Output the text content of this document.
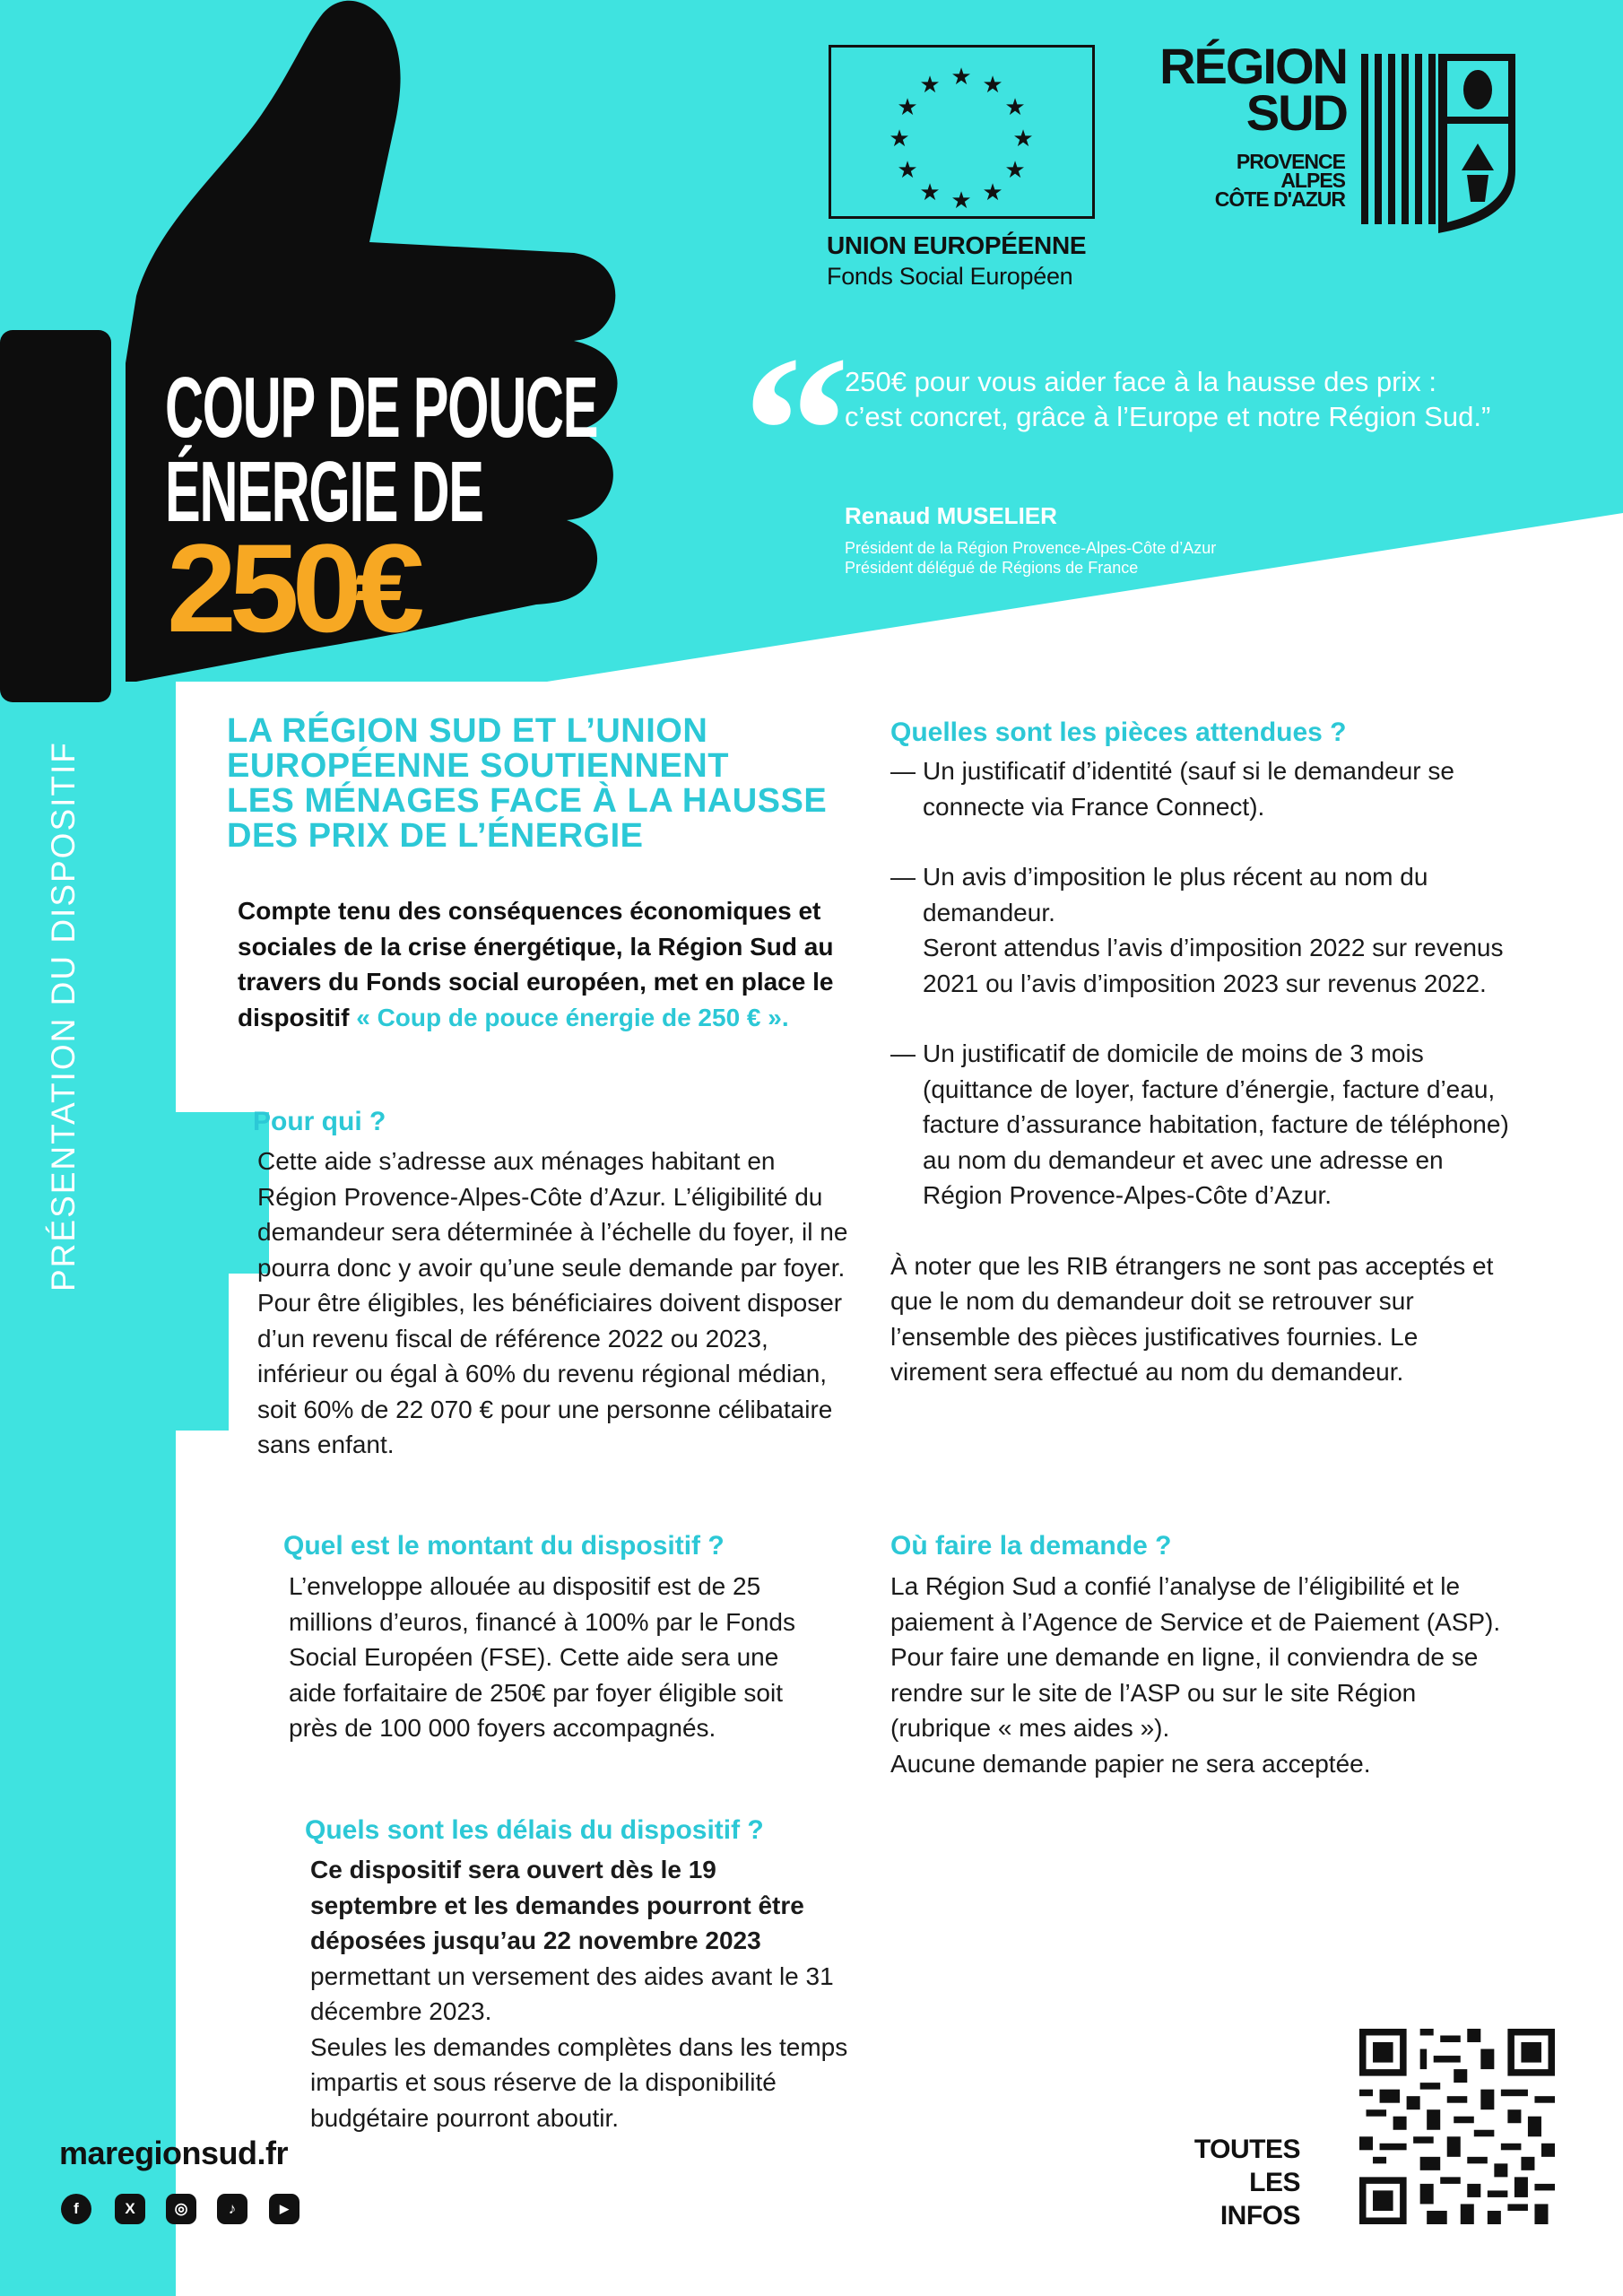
★ ★
★
★
★
★
★
★
★
★
★
★
UNION EUROPÉENNE
Fonds Social Européen
RÉGION
SUD
PROVENCE
ALPES
CÔTE D'AZUR
COUP DE POUCE
ÉNERGIE DE
250€
“
250€ pour vous aider face à la hausse des prix : c’est concret, grâce à l’Europe et notre Région Sud.”
Renaud MUSELIER
Président de la Région Provence-Alpes-Côte d’Azur
Président délégué de Régions de France
PRÉSENTATION DU DISPOSITIF
LA RÉGION SUD ET L’UNION
EUROPÉENNE SOUTIENNENT
LES MÉNAGES FACE À LA HAUSSE
DES PRIX DE L’ÉNERGIE
Compte tenu des conséquences économiques et sociales de la crise énergétique, la Région Sud au travers du Fonds social européen, met en place le dispositif « Coup de pouce énergie de 250 € ».
Pour qui ?
Cette aide s’adresse aux ménages habitant en Région Provence-Alpes-Côte d’Azur. L’éligibilité du demandeur sera déterminée à l’échelle du foyer, il ne pourra donc y avoir qu’une seule demande par foyer. Pour être éligibles, les bénéficiaires doivent disposer d’un revenu fiscal de référence 2022 ou 2023, inférieur ou égal à 60% du revenu régional médian, soit 60% de 22 070 € pour une personne célibataire sans enfant.
Quel est le montant du dispositif ?
L’enveloppe allouée au dispositif est de 25 millions d’euros, financé à 100% par le Fonds Social Européen (FSE). Cette aide sera une aide forfaitaire de 250€ par foyer éligible soit près de 100 000 foyers accompagnés.
Quels sont les délais du dispositif ?
Ce dispositif sera ouvert dès le 19 septembre et les demandes pourront être déposées jusqu’au 22 novembre 2023 permettant un versement des aides avant le 31 décembre 2023.
Seules les demandes complètes dans les temps impartis et sous réserve de la disponibilité budgétaire pourront aboutir.
Quelles sont les pièces attendues ?
— Un justificatif d’identité (sauf si le demandeur se connecte via France Connect).
— Un avis d’imposition le plus récent au nom du demandeur.
Seront attendus l’avis d’imposition 2022 sur revenus 2021 ou l’avis d’imposition 2023 sur revenus 2022.
— Un justificatif de domicile de moins de 3 mois (quittance de loyer, facture d’énergie, facture d’eau, facture d’assurance habitation, facture de téléphone) au nom du demandeur et avec une adresse en Région Provence-Alpes-Côte d’Azur.
À noter que les RIB étrangers ne sont pas acceptés et que le nom du demandeur doit se retrouver sur l’ensemble des pièces justificatives fournies. Le virement sera effectué au nom du demandeur.
Où faire la demande ?
La Région Sud a confié l’analyse de l’éligibilité et le paiement à l’Agence de Service et de Paiement (ASP).
Pour faire une demande en ligne, il conviendra de se rendre sur le site de l’ASP ou sur le site Région (rubrique « mes aides »).
Aucune demande papier ne sera acceptée.
maregionsud.fr
f	X	◎	♪	▶
TOUTES
LES INFOS
